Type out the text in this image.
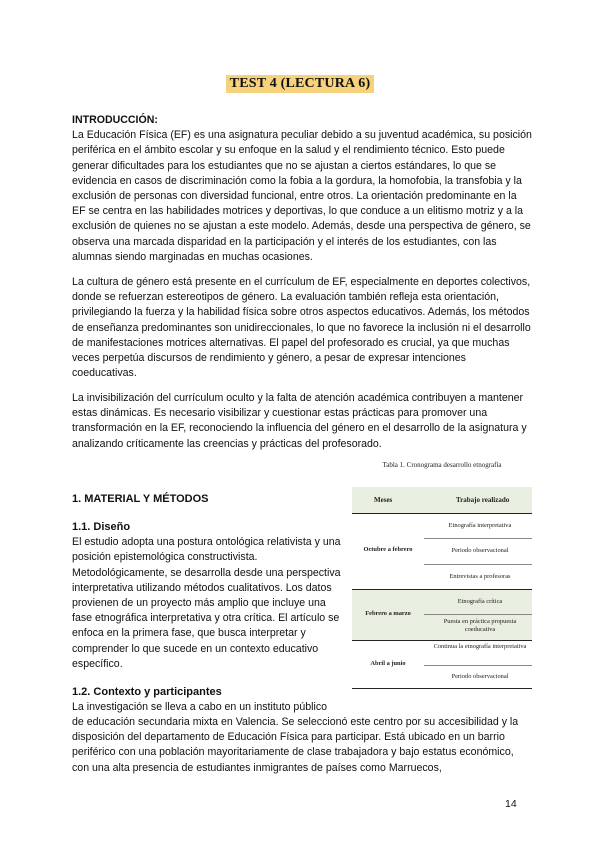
TEST 4 (LECTURA 6)

INTRODUCCIÓN:

La Educación Física (EF) es una asignatura peculiar debido a su juventud académica, su posición periférica en el ámbito escolar y su enfoque en la salud y el rendimiento técnico. Esto puede generar dificultades para los estudiantes que no se ajustan a ciertos estándares, lo que se evidencia en casos de discriminación como la fobia a la gordura, la homofobia, la transfobia y la exclusión de personas con diversidad funcional, entre otros. La orientación predominante en la EF se centra en las habilidades motrices y deportivas, lo que conduce a un elitismo motriz y a la exclusión de quienes no se ajustan a este modelo. Además, desde una perspectiva de género, se observa una marcada disparidad en la participación y el interés de los estudiantes, con las alumnas siendo marginadas en muchas ocasiones.

La cultura de género está presente en el currículum de EF, especialmente en deportes colectivos, donde se refuerzan estereotipos de género. La evaluación también refleja esta orientación, privilegiando la fuerza y la habilidad física sobre otros aspectos educativos. Además, los métodos de enseñanza predominantes son unidireccionales, lo que no favorece la inclusión ni el desarrollo de manifestaciones motrices alternativas. El papel del profesorado es crucial, ya que muchas veces perpetúa discursos de rendimiento y género, a pesar de expresar intenciones coeducativas.

La invisibilización del currículum oculto y la falta de atención académica contribuyen a mantener estas dinámicas. Es necesario visibilizar y cuestionar estas prácticas para promover una transformación en la EF, reconociendo la influencia del género en el desarrollo de la asignatura y analizando críticamente las creencias y prácticas del profesorado.

1. MATERIAL Y MÉTODOS

1.1. Diseño

El estudio adopta una postura ontológica relativista y una posición epistemológica constructivista. Metodológicamente, se desarrolla desde una perspectiva interpretativa utilizando métodos cualitativos. Los datos provienen de un proyecto más amplio que incluye una fase etnográfica interpretativa y otra crítica. El artículo se enfoca en la primera fase, que busca interpretar y comprender lo que sucede en un contexto educativo específico.

1.2. Contexto y participantes

La investigación se lleva a cabo en un instituto público

de educación secundaria mixta en Valencia. Se seleccionó este centro por su accesibilidad y la disposición del departamento de Educación Física para participar. Está ubicado en un barrio periférico con una población mayoritariamente de clase trabajadora y bajo estatus económico, con una alta presencia de estudiantes inmigrantes de países como Marruecos,

Tabla 1. Cronograma desarrollo etnografía
Meses	Trabajo realizado
Octubre a febrero
Etnografía interpretativa
Periodo observacional
Entrevistas a profesoras
Febrero a marzo
Etnografía crítica
Puesta en práctica propuesta coeducativa
Abril a junio
Continua la etnografía interpretativa
Periodo observacional
14
